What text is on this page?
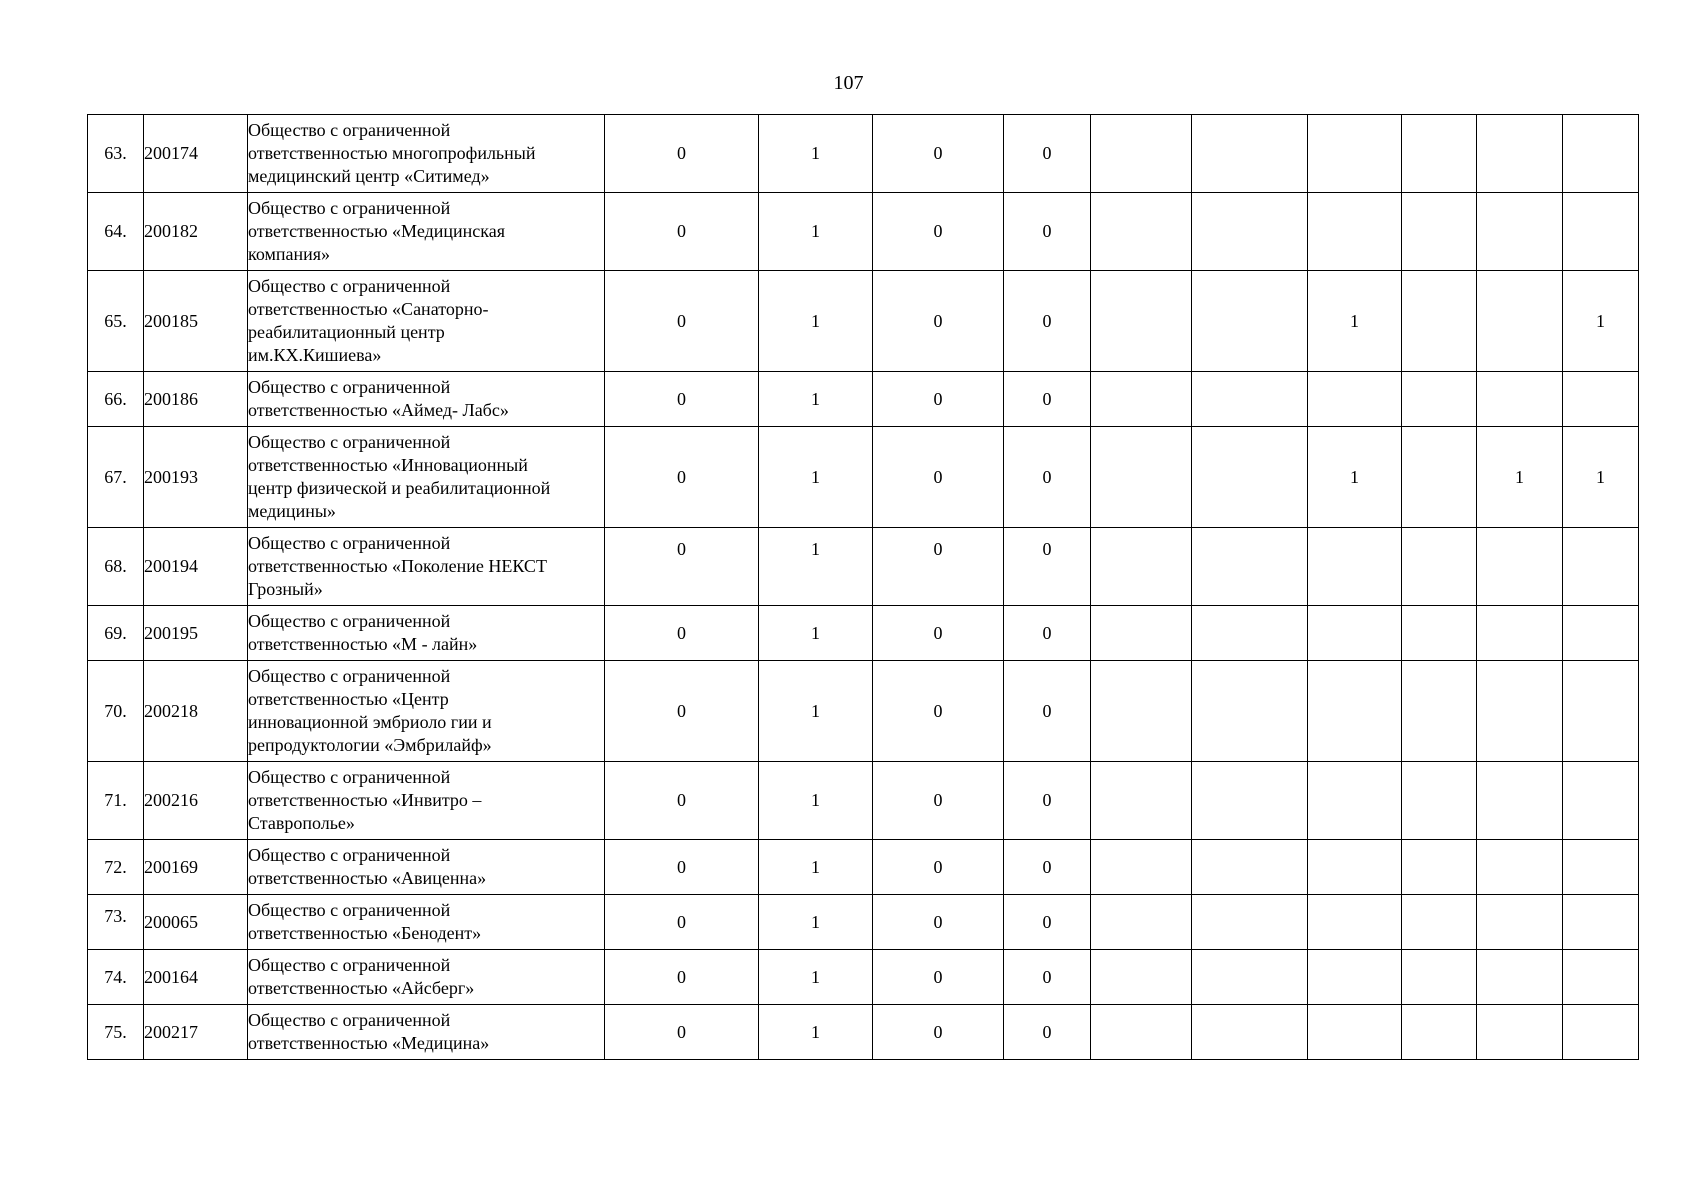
107
63.	200174	Общество с ограниченной
ответственностью многопрофильный
медицинский центр «Ситимед»	0	1	0	0						
64.	200182	Общество с ограниченной
ответственностью «Медицинская
компания»	0	1	0	0						
65.	200185	Общество с ограниченной
ответственностью «Санаторно-
реабилитационный центр
им.КХ.Кишиева»	0	1	0	0			1			1
66.	200186	Общество с ограниченной
ответственностью «Аймед- Лабс»	0	1	0	0						
67.	200193	Общество с ограниченной
ответственностью «Инновационный
центр физической и реабилитационной
медицины»	0	1	0	0			1		1	1
68.	200194	Общество с ограниченной
ответственностью «Поколение НЕКСТ
Грозный»	0	1	0	0						
69.	200195	Общество с ограниченной
ответственностью «М - лайн»	0	1	0	0						
70.	200218	Общество с ограниченной
ответственностью «Центр
инновационной эмбриоло гии и
репродуктологии «Эмбрилайф»	0	1	0	0						
71.	200216	Общество с ограниченной
ответственностью «Инвитро –
Ставрополье»	0	1	0	0						
72.	200169	Общество с ограниченной
ответственностью «Авиценна»	0	1	0	0						
73.	200065	Общество с ограниченной
ответственностью «Бенодент»	0	1	0	0						
74.	200164	Общество с ограниченной
ответственностью «Айсберг»	0	1	0	0						
75.	200217	Общество с ограниченной
ответственностью «Медицина»	0	1	0	0						
